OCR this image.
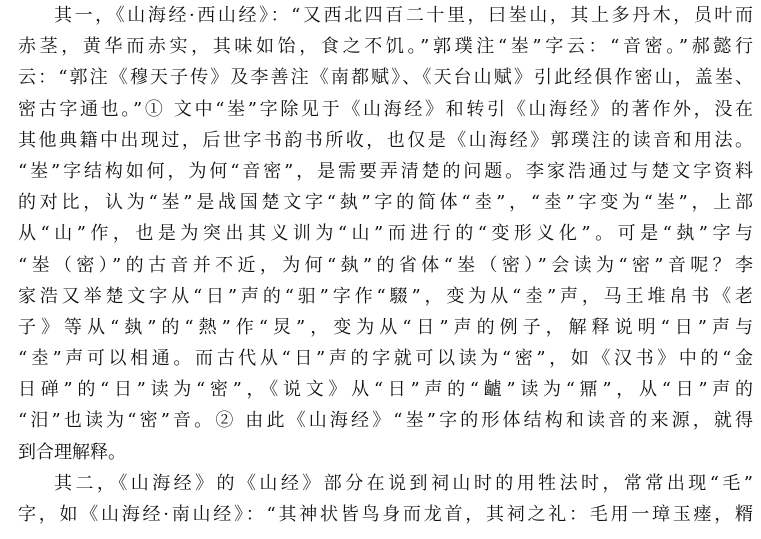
其一，《山海经·西山经》：“又西北四百二十里，曰峚山，其上多丹木，员叶而
赤茎，黄华而赤实，其味如饴，食之不饥。”郭璞注“峚”字云：“音密。”郝懿行
云：“郭注《穆天子传》及李善注《南都赋》、《天台山赋》引此经俱作密山，盖峚、
密古字通也。”① 文中“峚”字除见于《山海经》和转引《山海经》的著作外，没在
其他典籍中出现过，后世字书韵书所收，也仅是《山海经》郭璞注的读音和用法。
“峚”字结构如何，为何“音密”，是需要弄清楚的问题。李家浩通过与楚文字资料
的对比，认为“峚”是战国楚文字“埶”字的简体“坴”，“坴”字变为“峚”，上部
从“山”作，也是为突出其义训为“山”而进行的“变形义化”。可是“埶”字与
“峚（密）”的古音并不近，为何“埶”的省体“峚（密）”会读为“密”音呢？李
家浩又举楚文字从“日”声的“驲”字作“䮕”，变为从“坴”声，马王堆帛书《老
子》等从“埶”的“熱”作“炅”，变为从“日”声的例子，解释说明“日”声与
“坴”声可以相通。而古代从“日”声的字就可以读为“密”，如《汉书》中的“金
日䃅”的“日”读为“密”，《说文》从“日”声的“䶥”读为“鼏”，从“日”声的
“汨”也读为“密”音。② 由此《山海经》“峚”字的形体结构和读音的来源，就得
到合理解释。
其二，《山海经》的《山经》部分在说到祠山时的用牲法时，常常出现“毛”
字，如《山海经·南山经》：“其神状皆鸟身而龙首，其祠之礼：毛用一璋玉瘗，糈
